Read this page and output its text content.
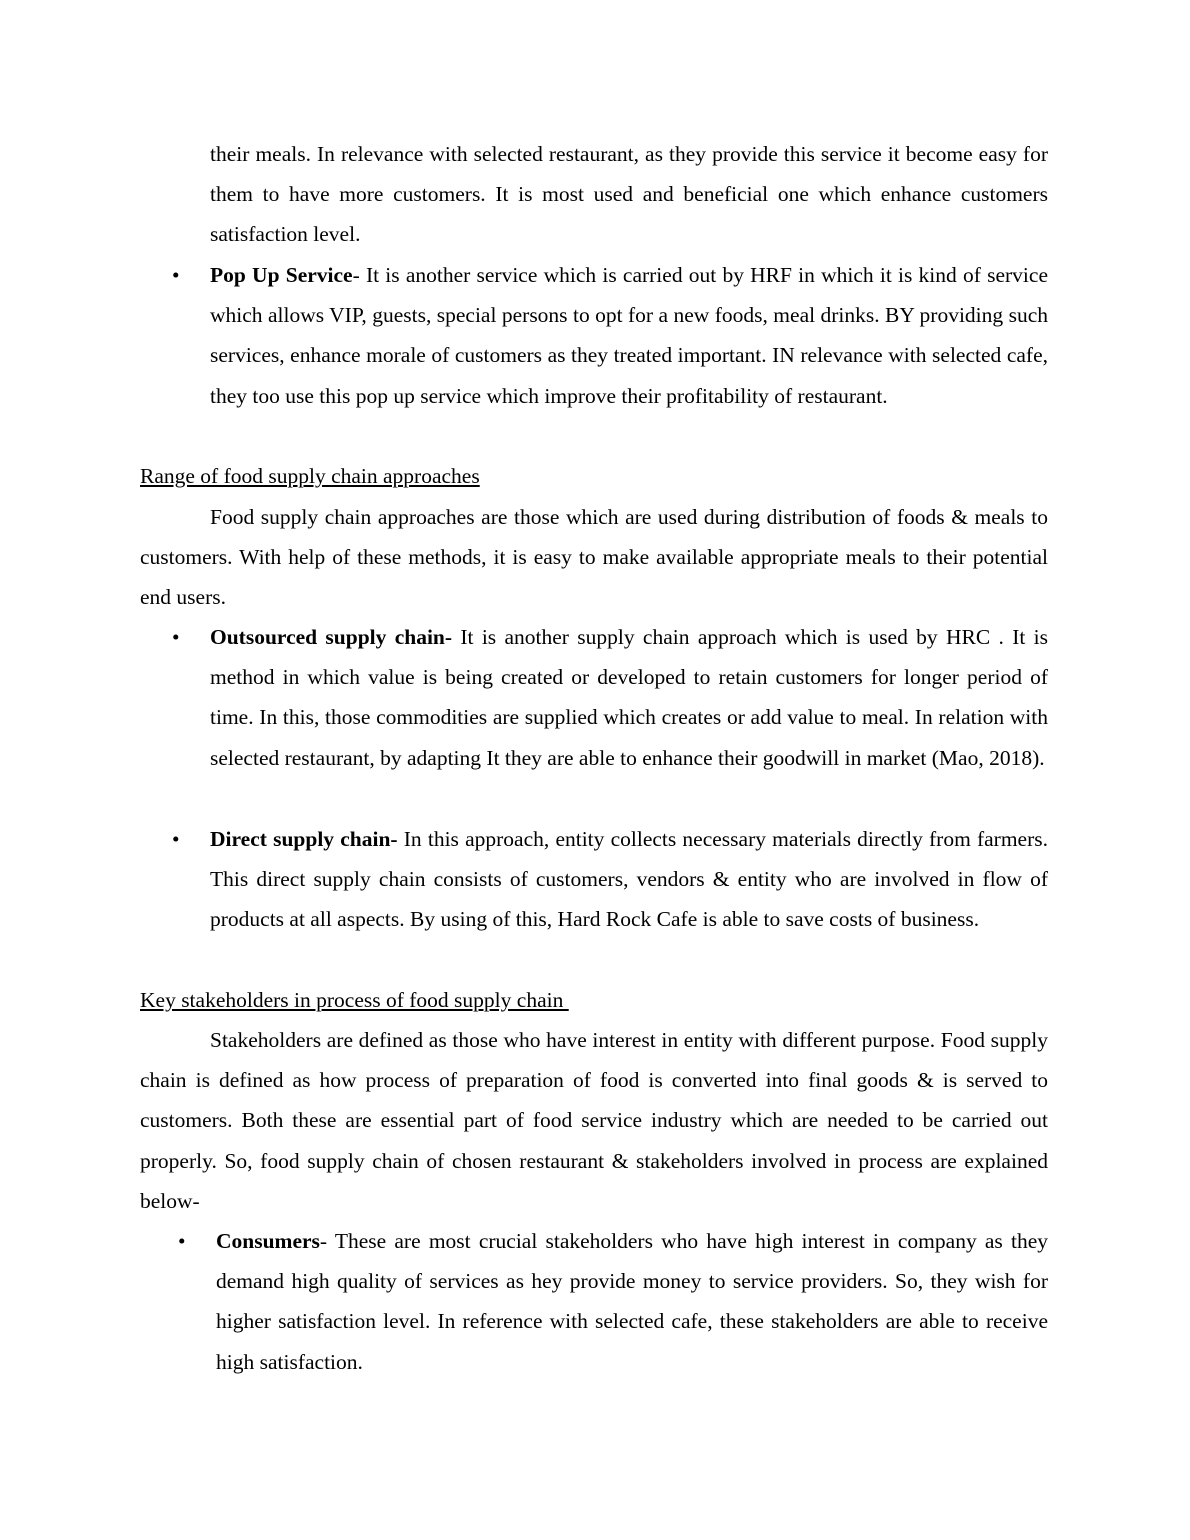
their meals. In relevance with selected restaurant, as they provide this service it become easy for them to have more customers. It is most used and beneficial one which enhance customers satisfaction level.

• Pop Up Service- It is another service which is carried out by HRF in which it is kind of service which allows VIP, guests, special persons to opt for a new foods, meal drinks. BY providing such services, enhance morale of customers as they treated important. IN relevance with selected cafe, they too use this pop up service which improve their profitability of restaurant.
Range of food supply chain approaches

Food supply chain approaches are those which are used during distribution of foods & meals to customers. With help of these methods, it is easy to make available appropriate meals to their potential end users.

• Outsourced supply chain- It is another supply chain approach which is used by HRC . It is method in which value is being created or developed to retain customers for longer period of time. In this, those commodities are supplied which creates or add value to meal. In relation with selected restaurant, by adapting It they are able to enhance their goodwill in market (Mao, 2018).
• Direct supply chain- In this approach, entity collects necessary materials directly from farmers. This direct supply chain consists of customers, vendors & entity who are involved in flow of products at all aspects. By using of this, Hard Rock Cafe is able to save costs of business.
Key stakeholders in process of food supply chain

Stakeholders are defined as those who have interest in entity with different purpose. Food supply chain is defined as how process of preparation of food is converted into final goods & is served to customers. Both these are essential part of food service industry which are needed to be carried out properly. So, food supply chain of chosen restaurant & stakeholders involved in process are explained below-

• Consumers- These are most crucial stakeholders who have high interest in company as they demand high quality of services as hey provide money to service providers. So, they wish for higher satisfaction level. In reference with selected cafe, these stakeholders are able to receive high satisfaction.
